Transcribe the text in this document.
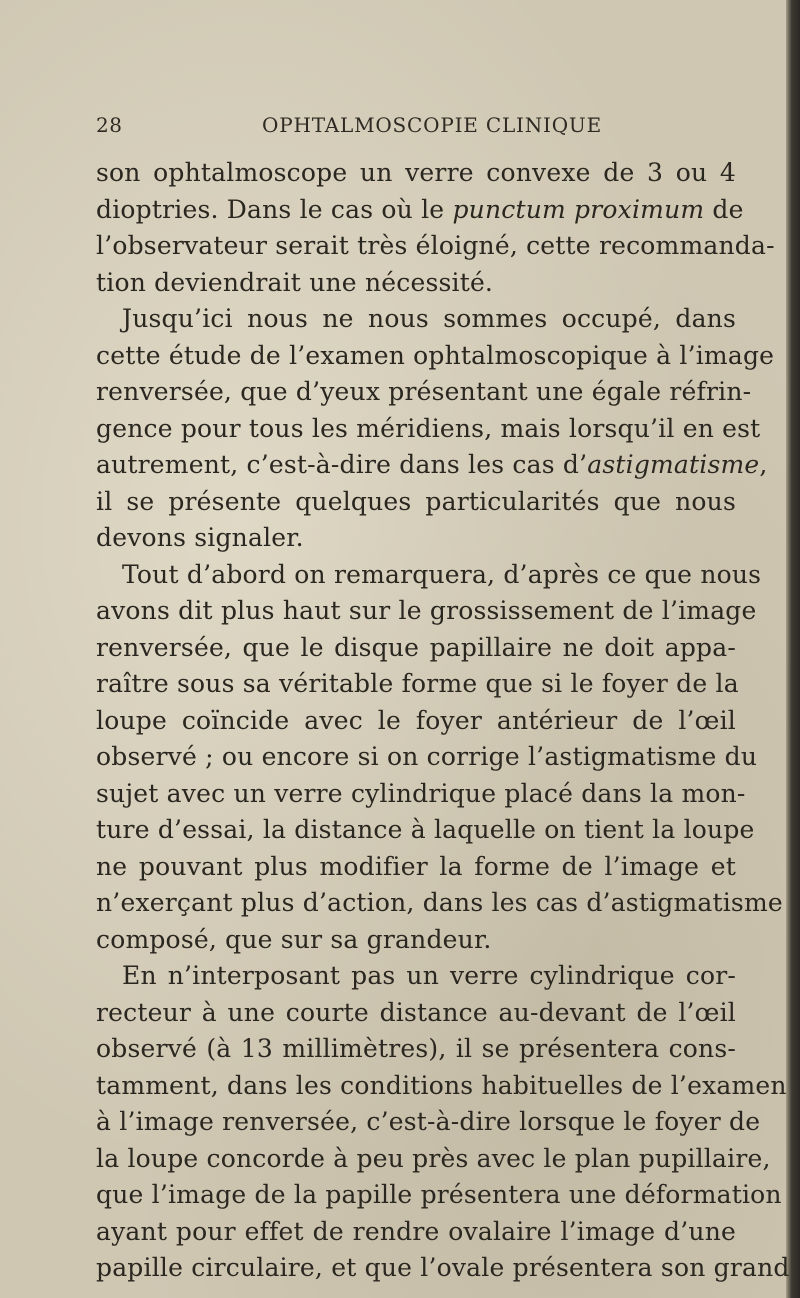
28	OPHTALMOSCOPIE CLINIQUE
son ophtalmoscope un verre convexe de 3 ou 4
dioptries. Dans le cas où le punctum proximum de
l’observateur serait très éloigné, cette recommanda-
tion deviendrait une nécessité.
Jusqu’ici nous ne nous sommes occupé, dans
cette étude de l’examen ophtalmoscopique à l’image
renversée, que d’yeux présentant une égale réfrin-
gence pour tous les méridiens, mais lorsqu’il en est
autrement, c’est-à-dire dans les cas d’astigmatisme,
il se présente quelques particularités que nous
devons signaler.
Tout d’abord on remarquera, d’après ce que nous
avons dit plus haut sur le grossissement de l’image
renversée, que le disque papillaire ne doit appa-
raître sous sa véritable forme que si le foyer de la
loupe coïncide avec le foyer antérieur de l’œil
observé ; ou encore si on corrige l’astigmatisme du
sujet avec un verre cylindrique placé dans la mon-
ture d’essai, la distance à laquelle on tient la loupe
ne pouvant plus modifier la forme de l’image et
n’exerçant plus d’action, dans les cas d’astigmatisme
composé, que sur sa grandeur.
En n’interposant pas un verre cylindrique cor-
recteur à une courte distance au-devant de l’œil
observé (à 13 millimètres), il se présentera cons-
tamment, dans les conditions habituelles de l’examen
à l’image renversée, c’est-à-dire lorsque le foyer de
la loupe concorde à peu près avec le plan pupillaire,
que l’image de la papille présentera une déformation
ayant pour effet de rendre ovalaire l’image d’une
papille circulaire, et que l’ovale présentera son grand
